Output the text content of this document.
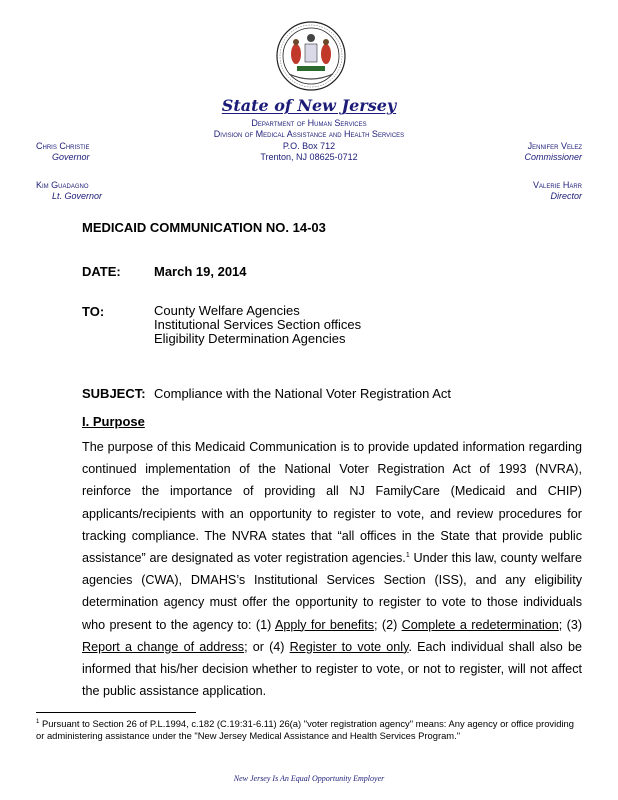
State of New Jersey
Department of Human Services
Division of Medical Assistance and Health Services
P.O. Box 712
Trenton, NJ 08625-0712
Chris Christie
Governor
Kim Guadagno
Lt. Governor
Jennifer Velez
Commissioner
Valerie Harr
Director
MEDICAID COMMUNICATION NO. 14-03
DATE:	March 19, 2014
TO:	County Welfare Agencies
Institutional Services Section offices
Eligibility Determination Agencies
SUBJECT: Compliance with the National Voter Registration Act
I. Purpose
The purpose of this Medicaid Communication is to provide updated information regarding continued implementation of the National Voter Registration Act of 1993 (NVRA), reinforce the importance of providing all NJ FamilyCare (Medicaid and CHIP) applicants/recipients with an opportunity to register to vote, and review procedures for tracking compliance. The NVRA states that “all offices in the State that provide public assistance” are designated as voter registration agencies.$^1$ Under this law, county welfare agencies (CWA), DMAHS’s Institutional Services Section (ISS), and any eligibility determination agency must offer the opportunity to register to vote to those individuals who present to the agency to: (1) Apply for benefits; (2) Complete a redetermination; (3) Report a change of address; or (4) Register to vote only. Each individual shall also be informed that his/her decision whether to register to vote, or not to register, will not affect the public assistance application.
$^1$ Pursuant to Section 26 of P.L.1994, c.182 (C.19:31-6.11) 26(a) "voter registration agency" means: Any agency or office providing or administering assistance under the "New Jersey Medical Assistance and Health Services Program."
New Jersey Is An Equal Opportunity Employer
